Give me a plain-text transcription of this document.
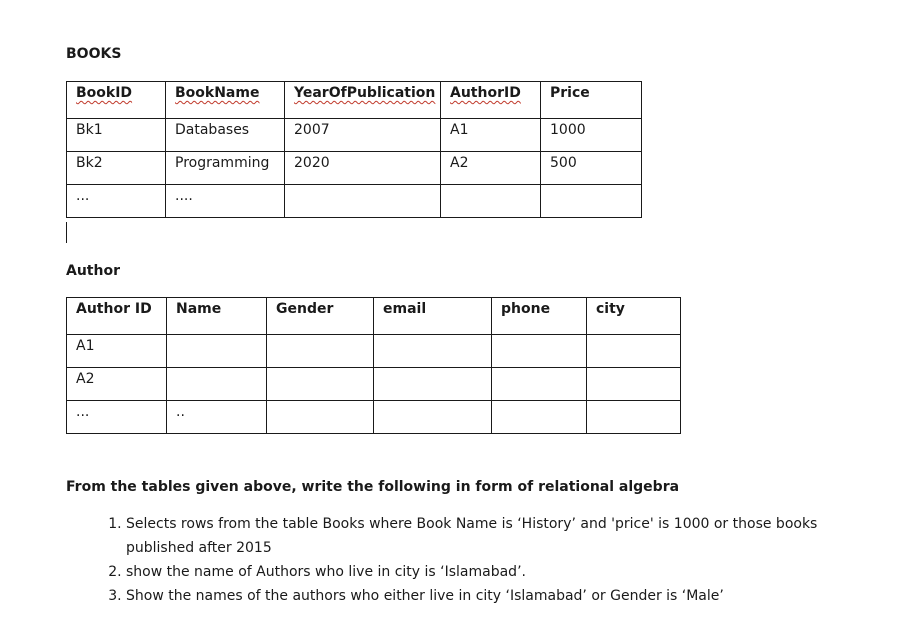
BOOKS
BookID	BookName	YearOfPublication	AuthorID	Price
Bk1	Databases	2007	A1	1000
Bk2	Programming	2020	A2	500
...	....			
Author
Author ID	Name	Gender	email	phone	city
A1					
A2					
...	..				
From the tables given above, write the following in form of relational algebra
1. Selects rows from the table Books where Book Name is ‘History’ and 'price' is 1000 or those books published after 2015
2. show the name of Authors who live in city is ‘Islamabad’.
3. Show the names of the authors who either live in city ‘Islamabad’ or Gender is ‘Male’
